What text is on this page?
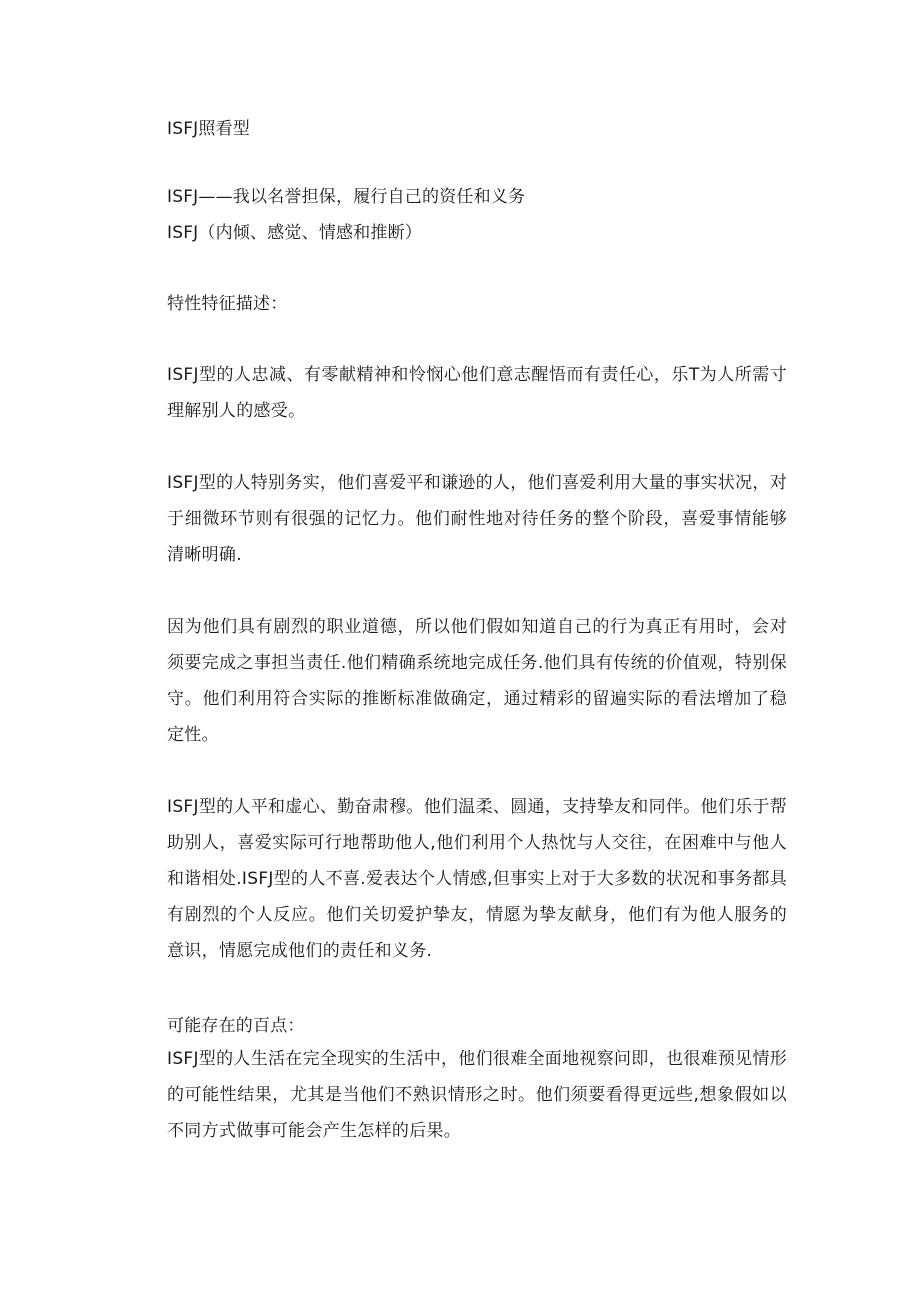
ISFJ照看型

ISFJ——我以名誉担保，履行自己的资任和义务

ISFJ（内倾、感觉、情感和推断）

特性特征描述：

ISFJ型的人忠减、有零献精神和怜悯心他们意志醒悟而有责任心，乐T为人所需寸理解别人的感受。

ISFJ型的人特别务实，他们喜爱平和谦逊的人，他们喜爱利用大量的事实状况，对于细微环节则有很强的记忆力。他们耐性地对待任务的整个阶段，喜爱事情能够清晰明确.

因为他们具有剧烈的职业道德，所以他们假如知道自己的行为真正有用时，会对须要完成之事担当责任.他们精确系统地完成任务.他们具有传统的价值观，特别保守。他们利用符合实际的推断标准做确定，通过精彩的留遍实际的看法增加了稳定性。

ISFJ型的人平和虚心、勤奋肃穆。他们温柔、圆通，支持挚友和同伴。他们乐于帮助别人，喜爱实际可行地帮助他人,他们利用个人热忱与人交往，在困难中与他人和谐相处.ISFJ型的人不喜.爱表达个人情感,但事实上对于大多数的状况和事务都具有剧烈的个人反应。他们关切爱护挚友，情愿为挚友献身，他们有为他人服务的意识，情愿完成他们的责任和义务.

可能存在的百点：

ISFJ型的人生活在完全现实的生活中，他们很难全面地视察问即，也很难预见情形的可能性结果，尤其是当他们不熟识情形之时。他们须要看得更远些,想象假如以不同方式做事可能会产生怎样的后果。
